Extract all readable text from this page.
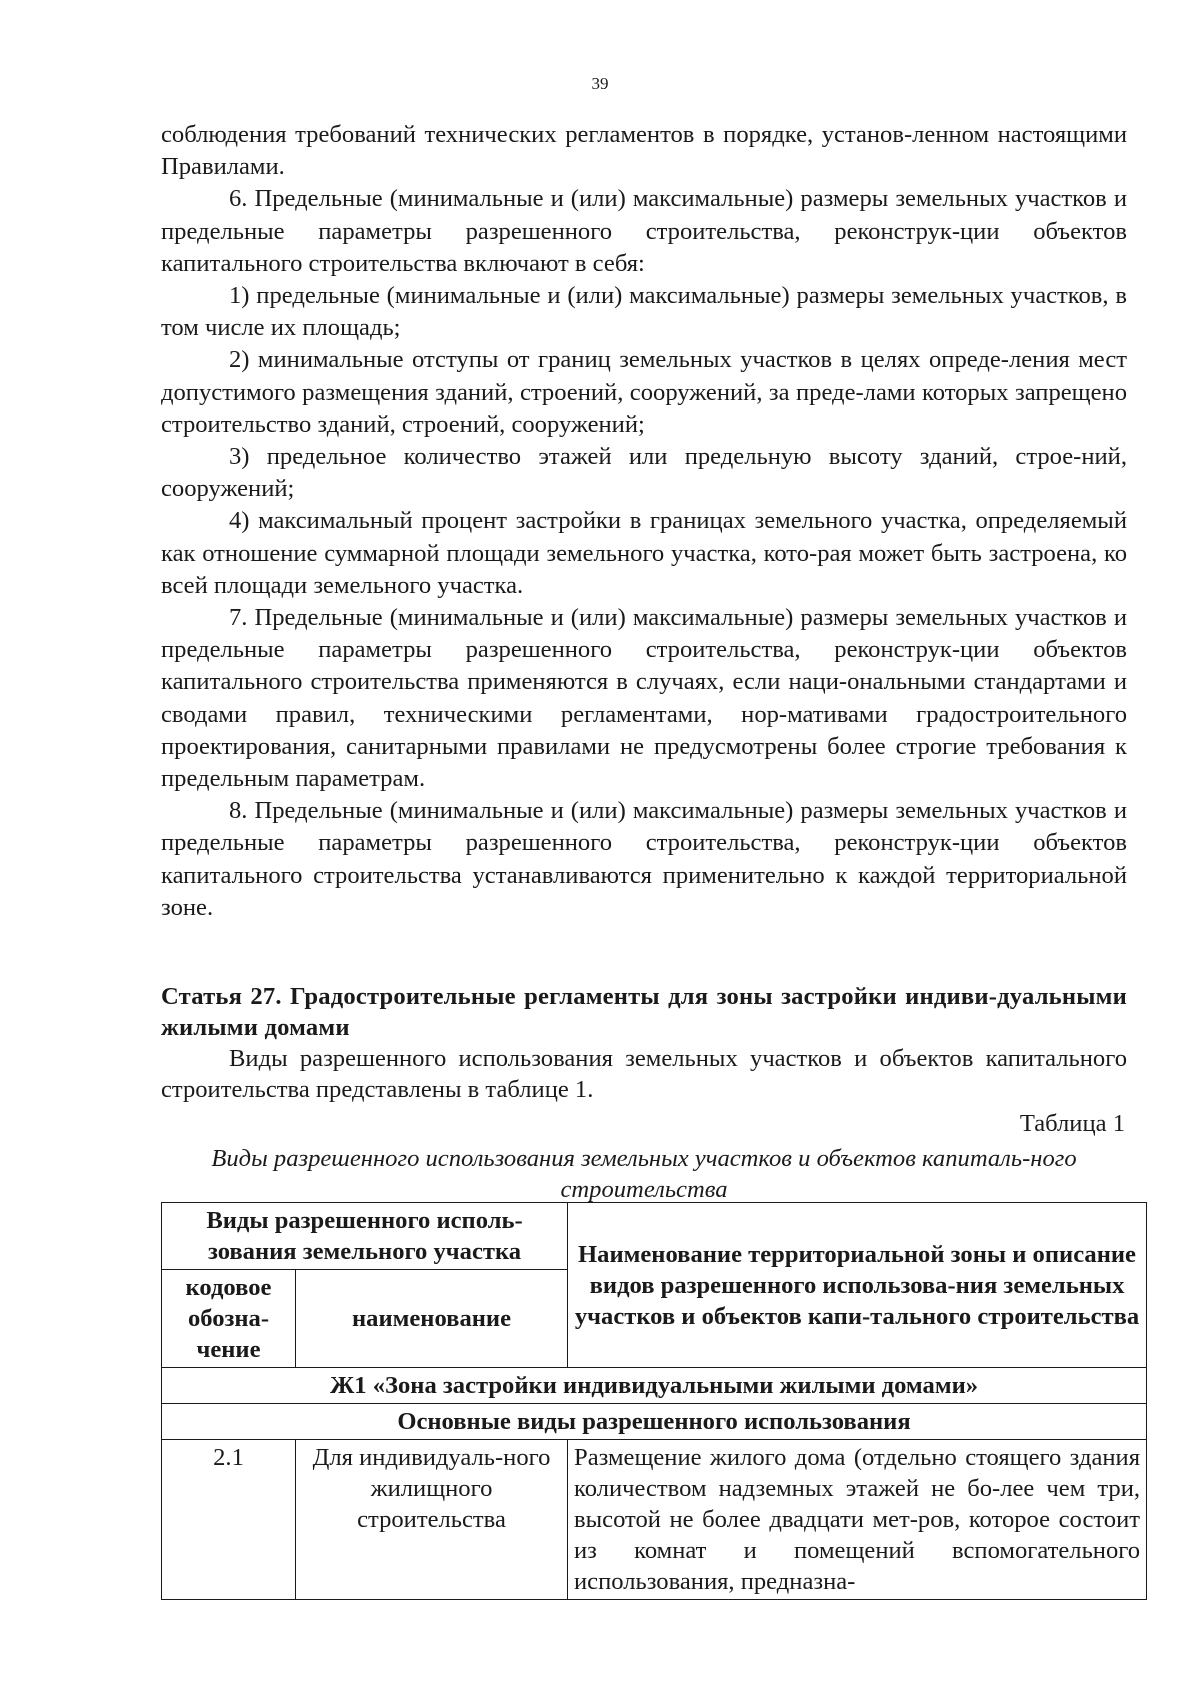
39

соблюдения требований технических регламентов в порядке, установ-ленном настоящими Правилами.

6. Предельные (минимальные и (или) максимальные) размеры земельных участков и предельные параметры разрешенного строительства, реконструк-ции объектов капитального строительства включают в себя:

1) предельные (минимальные и (или) максимальные) размеры земельных участков, в том числе их площадь;

2) минимальные отступы от границ земельных участков в целях опреде-ления мест допустимого размещения зданий, строений, сооружений, за преде-лами которых запрещено строительство зданий, строений, сооружений;

3) предельное количество этажей или предельную высоту зданий, строе-ний, сооружений;

4) максимальный процент застройки в границах земельного участка, определяемый как отношение суммарной площади земельного участка, кото-рая может быть застроена, ко всей площади земельного участка.

7. Предельные (минимальные и (или) максимальные) размеры земельных участков и предельные параметры разрешенного строительства, реконструк-ции объектов капитального строительства применяются в случаях, если наци-ональными стандартами и сводами правил, техническими регламентами, нор-мативами градостроительного проектирования, санитарными правилами не предусмотрены более строгие требования к предельным параметрам.

8. Предельные (минимальные и (или) максимальные) размеры земельных участков и предельные параметры разрешенного строительства, реконструк-ции объектов капитального строительства устанавливаются применительно к каждой территориальной зоне.

Статья 27. Градостроительные регламенты для зоны застройки индиви-дуальными жилыми домами

Виды разрешенного использования земельных участков и объектов капитального строительства представлены в таблице 1.

Таблица 1
Виды разрешенного использования земельных участков и объектов капиталь-ного строительства
Виды разрешенного исполь-зования земельного участка		Наименование территориальной зоны и описание видов разрешенного использова-ния земельных участков и объектов капи-тального строительства
кодовое обозна-чение	наименование	
Ж1 «Зона застройки индивидуальными жилыми домами»		
Основные виды разрешенного использования		
2.1	Для индивидуаль-ного жилищного строительства	Размещение жилого дома (отдельно стоящего здания количеством надземных этажей не бо-лее чем три, высотой не более двадцати мет-ров, которое состоит из комнат и помещений вспомогательного использования, предназна-
